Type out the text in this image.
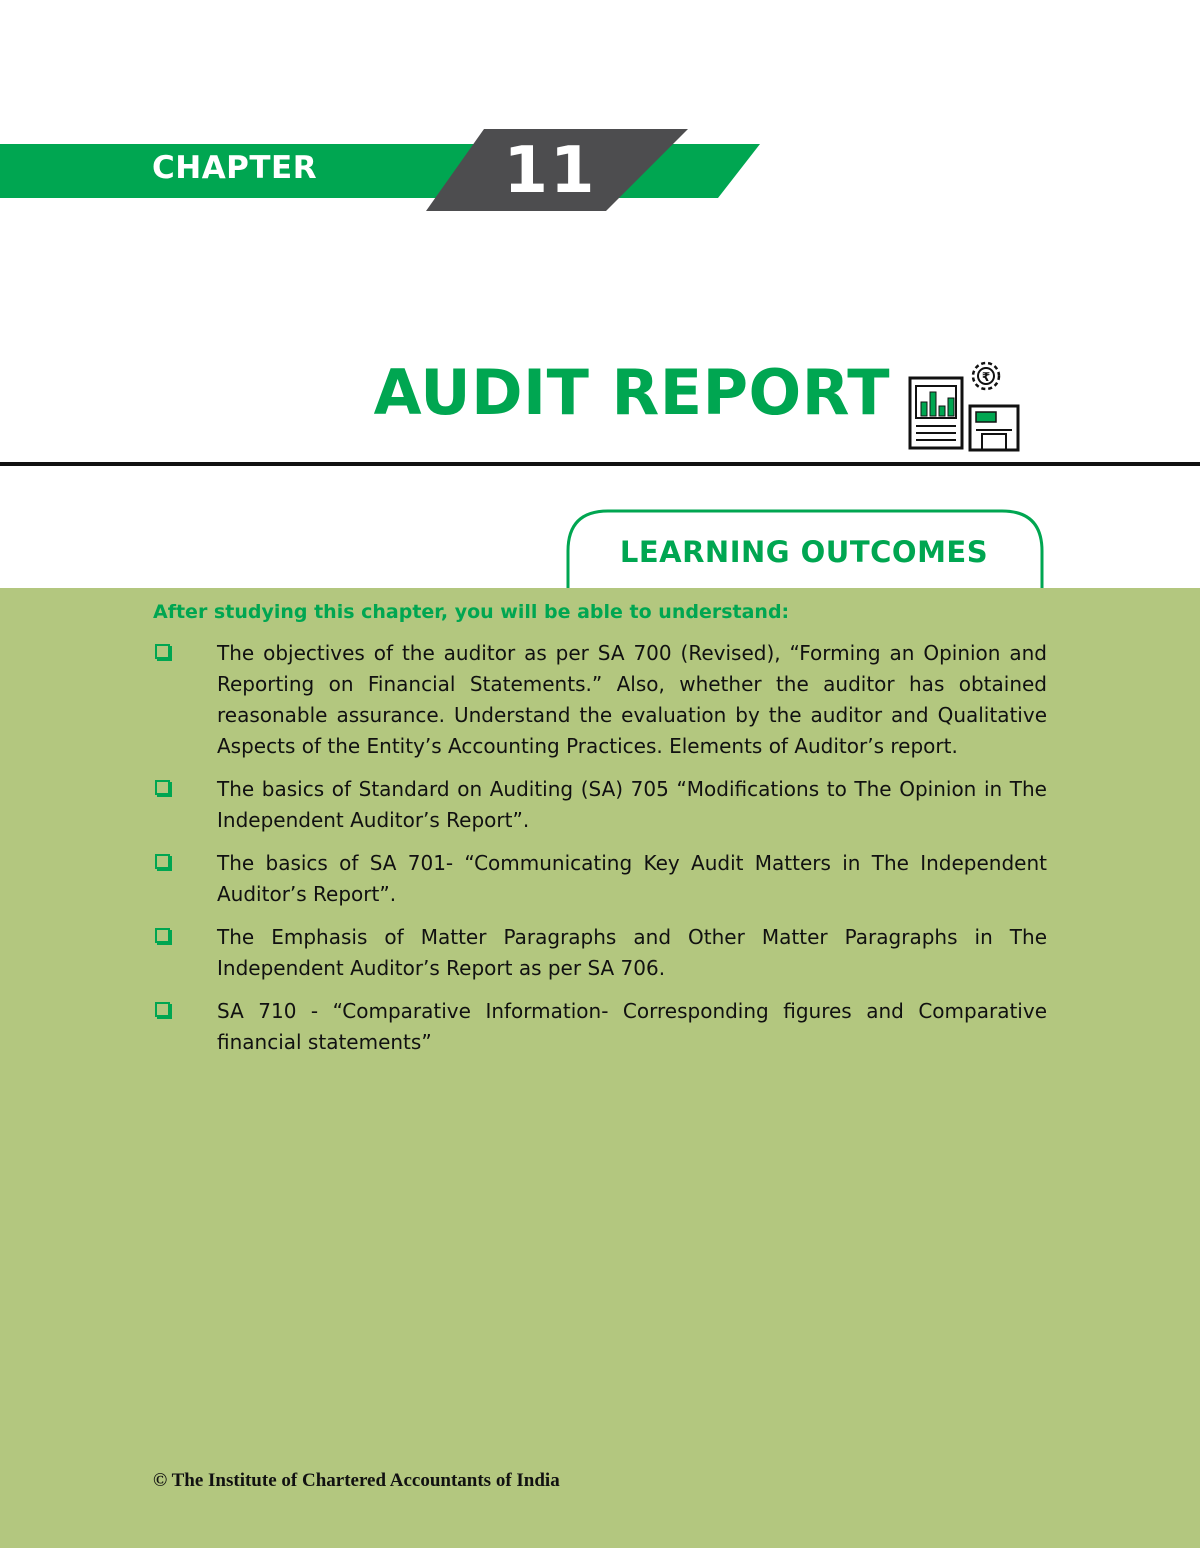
CHAPTER	11
AUDIT REPORT	₹
LEARNING OUTCOMES
After studying this chapter, you will be able to understand:
The objectives of the auditor as per SA 700 (Revised), “Forming an Opinion and Reporting on Financial Statements.” Also, whether the auditor has obtained reasonable assurance. Understand the evaluation by the auditor and Qualitative Aspects of the Entity’s Accounting Practices. Elements of Auditor’s report.
The basics of Standard on Auditing (SA) 705 “Modifications to The Opinion in The Independent Auditor’s Report”.
The basics of SA 701- “Communicating Key Audit Matters in The Independent Auditor’s Report”.
The Emphasis of Matter Paragraphs and Other Matter Paragraphs in The Independent Auditor’s Report as per SA 706.
SA 710 - “Comparative Information- Corresponding figures and Comparative financial statements”
© The Institute of Chartered Accountants of India
